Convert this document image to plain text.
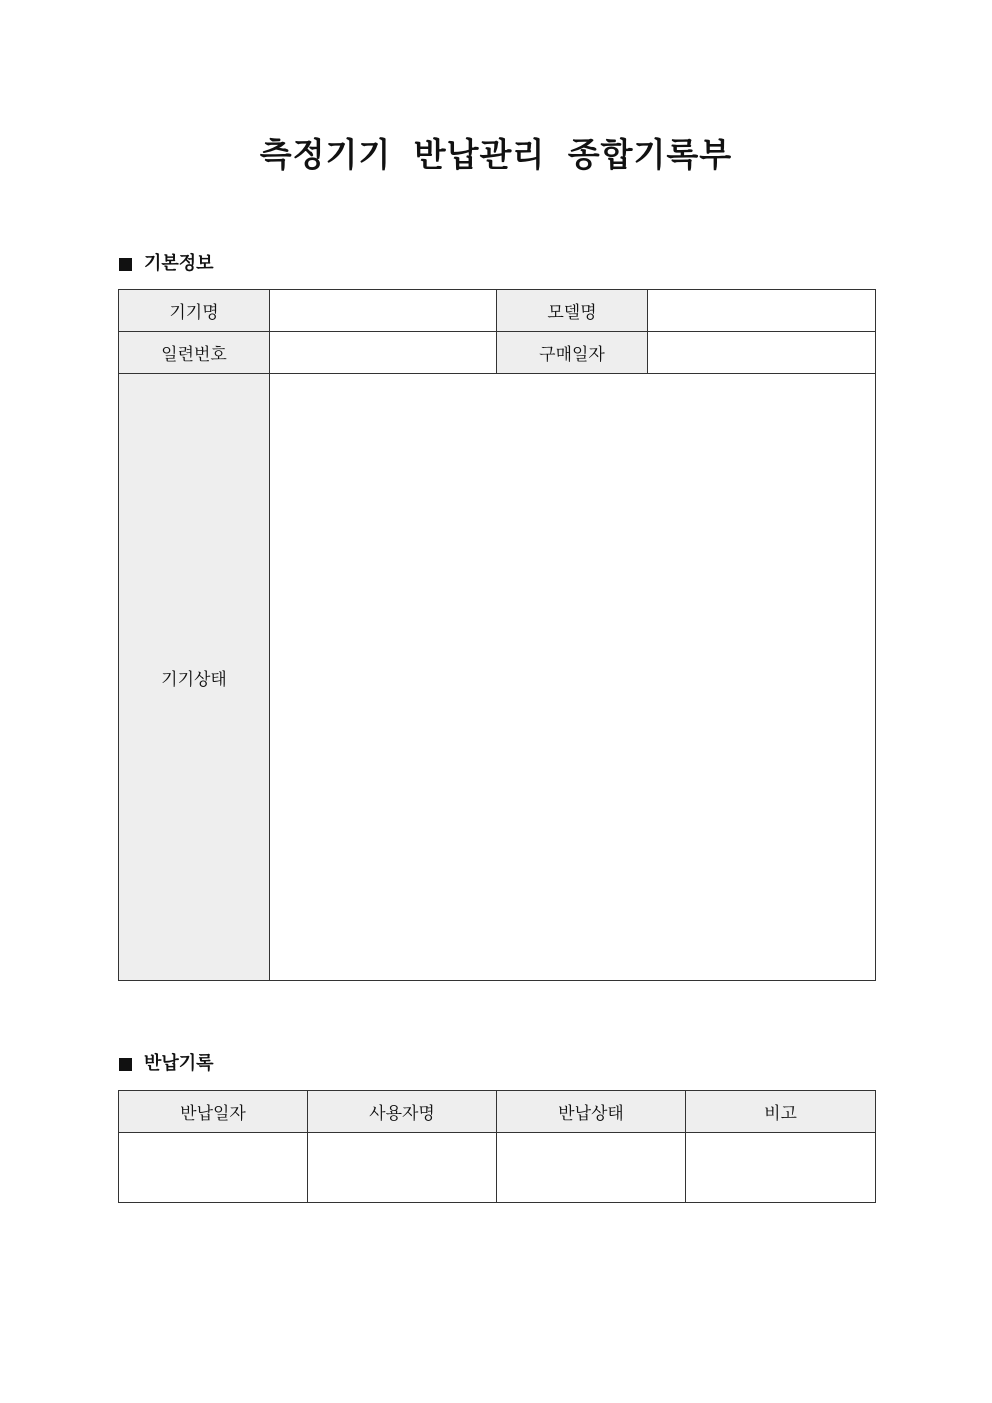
측정기기 반납관리 종합기록부
기본정보
기기명		모델명	
일련번호		구매일자	
기기상태			
반납기록
반납일자	사용자명	반납상태	비고
